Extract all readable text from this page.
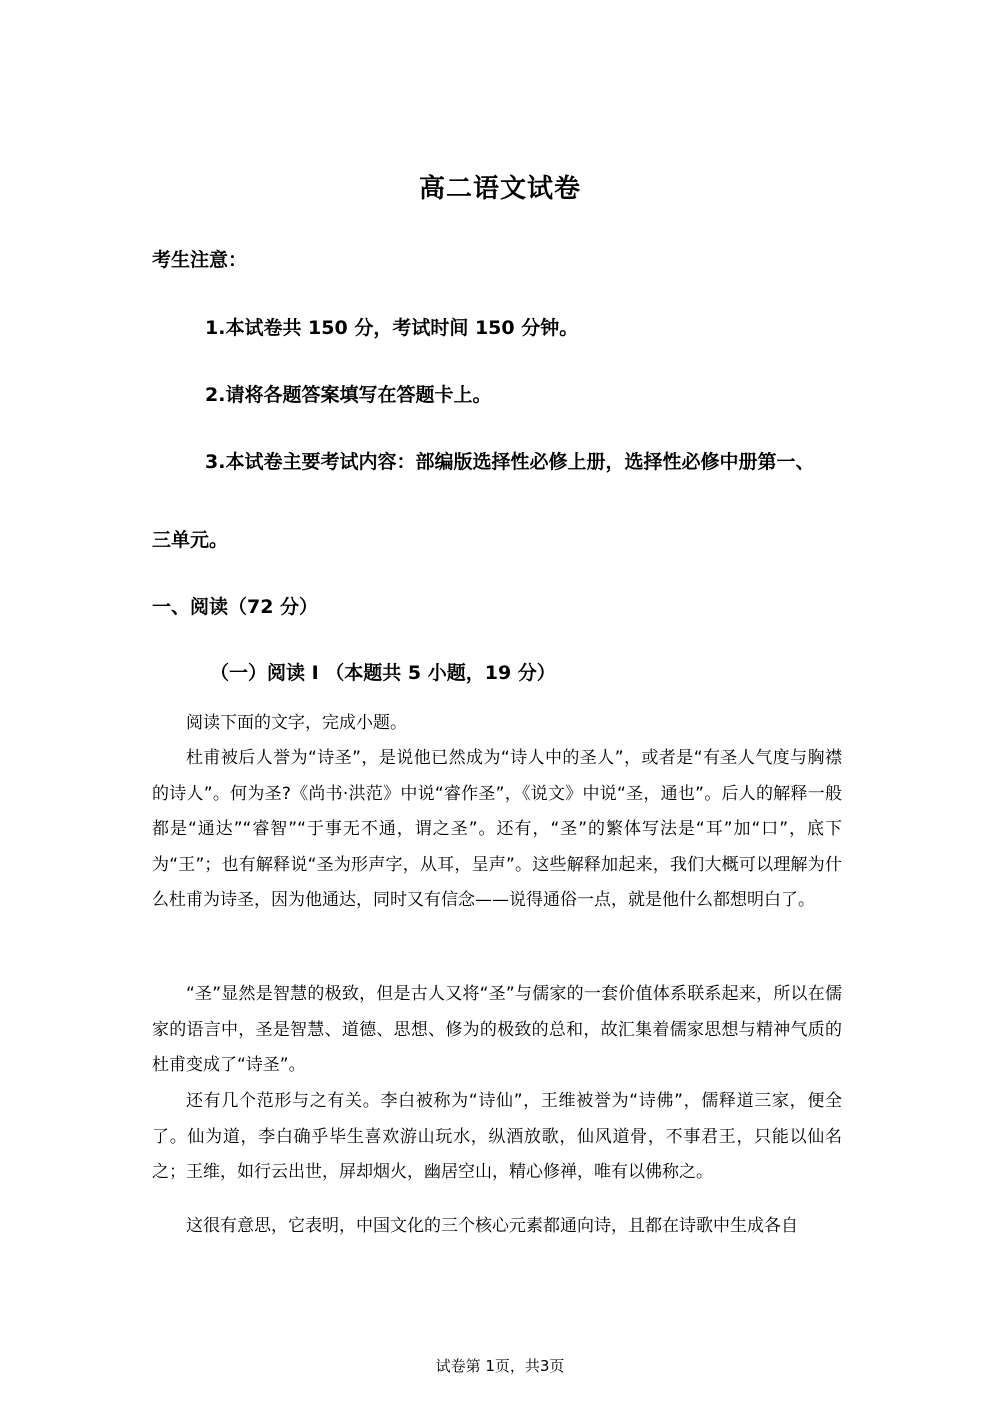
高二语文试卷
考生注意：
1.本试卷共 150 分，考试时间 150 分钟。
2.请将各题答案填写在答题卡上。
3.本试卷主要考试内容：部编版选择性必修上册，选择性必修中册第一、
三单元。
一、阅读（72 分）
（一）阅读 I （本题共 5 小题，19 分）

阅读下面的文字，完成小题。

杜甫被后人誉为“诗圣”，是说他已然成为“诗人中的圣人”，或者是“有圣人气度与胸襟的诗人”。何为圣?《尚书·洪范》中说“睿作圣”，《说文》中说“圣，通也”。后人的解释一般都是“通达”“睿智”“于事无不通，谓之圣”。还有，“圣”的繁体写法是“耳”加“口”，底下为“王”；也有解释说“圣为形声字，从耳，呈声”。这些解释加起来，我们大概可以理解为什么杜甫为诗圣，因为他通达，同时又有信念——说得通俗一点，就是他什么都想明白了。

“圣”显然是智慧的极致，但是古人又将“圣”与儒家的一套价值体系联系起来，所以在儒家的语言中，圣是智慧、道德、思想、修为的极致的总和，故汇集着儒家思想与精神气质的杜甫变成了“诗圣”。

还有几个范形与之有关。李白被称为“诗仙”，王维被誉为“诗佛”，儒释道三家，便全了。仙为道，李白确乎毕生喜欢游山玩水，纵酒放歌，仙风道骨，不事君王，只能以仙名之；王维，如行云出世，屏却烟火，幽居空山，精心修禅，唯有以佛称之。

这很有意思，它表明，中国文化的三个核心元素都通向诗，且都在诗歌中生成各自

试卷第 1页，共3页
